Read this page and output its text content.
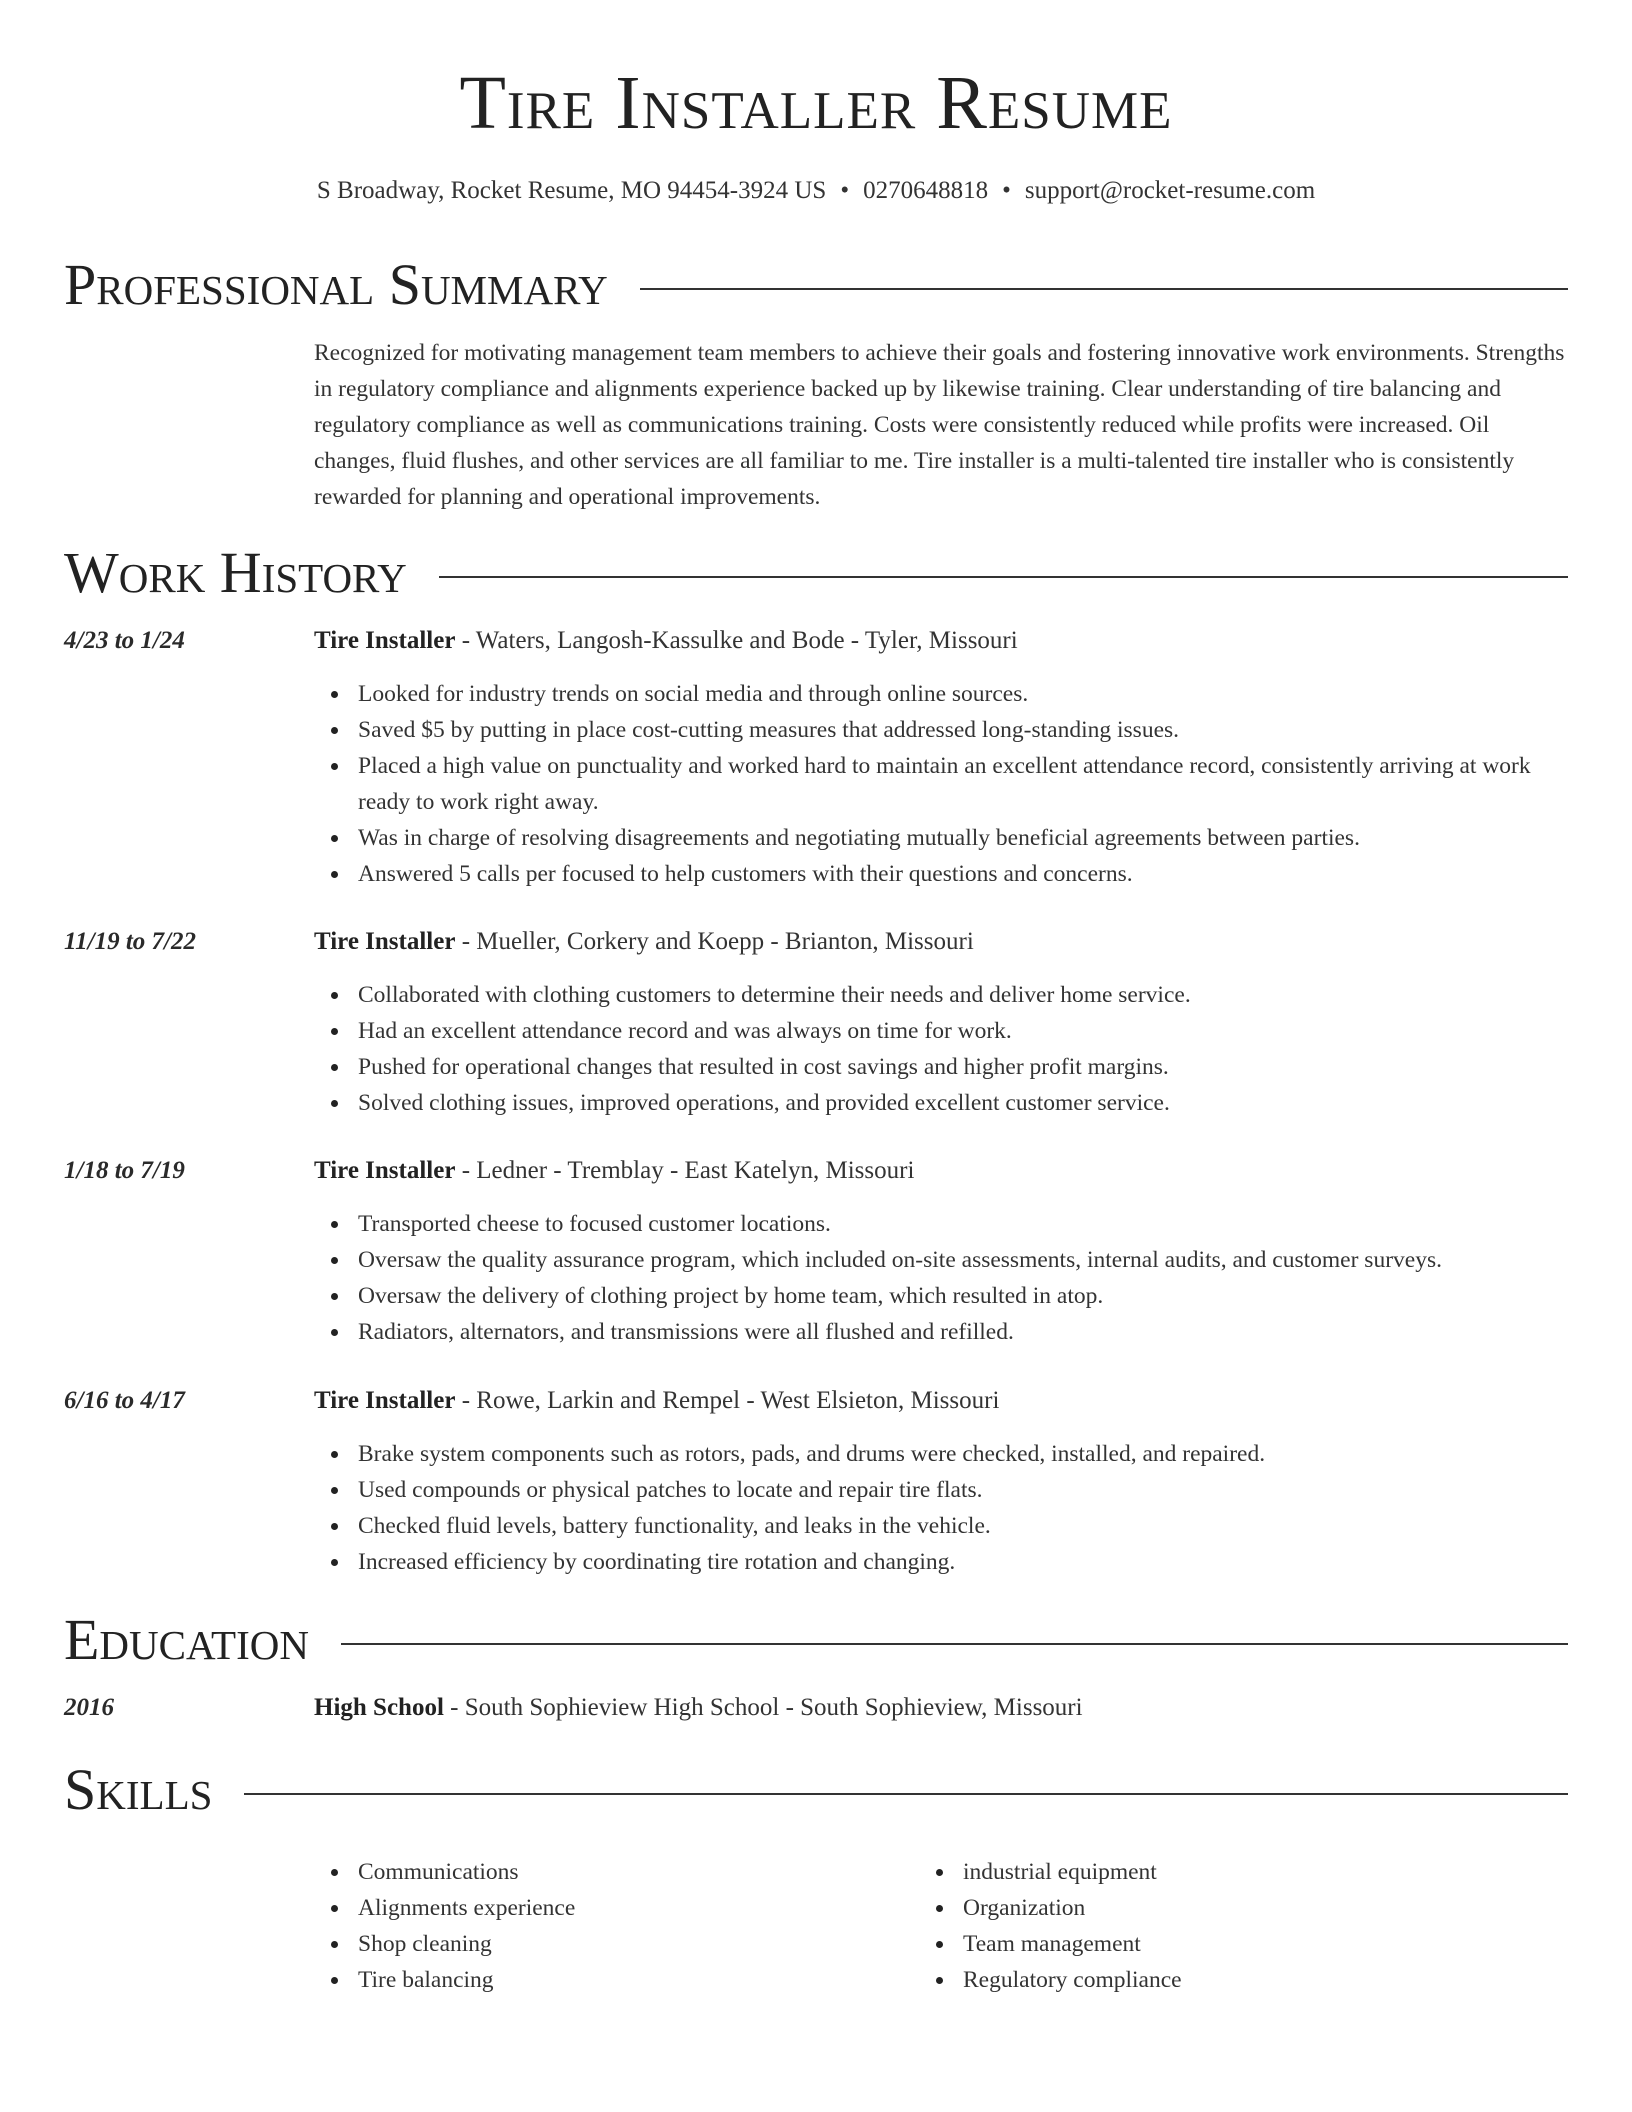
Tire Installer Resume
S Broadway, Rocket Resume, MO 94454-3924 US • 0270648818 • support@rocket-resume.com
Professional Summary

Recognized for motivating management team members to achieve their goals and fostering innovative work environments. Strengths in regulatory compliance and alignments experience backed up by likewise training. Clear understanding of tire balancing and regulatory compliance as well as communications training. Costs were consistently reduced while profits were increased. Oil changes, fluid flushes, and other services are all familiar to me. Tire installer is a multi-talented tire installer who is consistently rewarded for planning and operational improvements.

Work History
4/23 to 1/24	Tire Installer - Waters, Langosh-Kassulke and Bode - Tyler, Missouri
Looked for industry trends on social media and through online sources.
Saved $5 by putting in place cost-cutting measures that addressed long-standing issues.
Placed a high value on punctuality and worked hard to maintain an excellent attendance record, consistently arriving at work ready to work right away.
Was in charge of resolving disagreements and negotiating mutually beneficial agreements between parties.
Answered 5 calls per focused to help customers with their questions and concerns.
11/19 to 7/22	Tire Installer - Mueller, Corkery and Koepp - Brianton, Missouri
Collaborated with clothing customers to determine their needs and deliver home service.
Had an excellent attendance record and was always on time for work.
Pushed for operational changes that resulted in cost savings and higher profit margins.
Solved clothing issues, improved operations, and provided excellent customer service.
1/18 to 7/19	Tire Installer - Ledner - Tremblay - East Katelyn, Missouri
Transported cheese to focused customer locations.
Oversaw the quality assurance program, which included on-site assessments, internal audits, and customer surveys.
Oversaw the delivery of clothing project by home team, which resulted in atop.
Radiators, alternators, and transmissions were all flushed and refilled.
6/16 to 4/17	Tire Installer - Rowe, Larkin and Rempel - West Elsieton, Missouri
Brake system components such as rotors, pads, and drums were checked, installed, and repaired.
Used compounds or physical patches to locate and repair tire flats.
Checked fluid levels, battery functionality, and leaks in the vehicle.
Increased efficiency by coordinating tire rotation and changing.
Education
2016	High School - South Sophieview High School - South Sophieview, Missouri
Skills
Communications
Alignments experience
Shop cleaning
Tire balancing
industrial equipment
Organization
Team management
Regulatory compliance
